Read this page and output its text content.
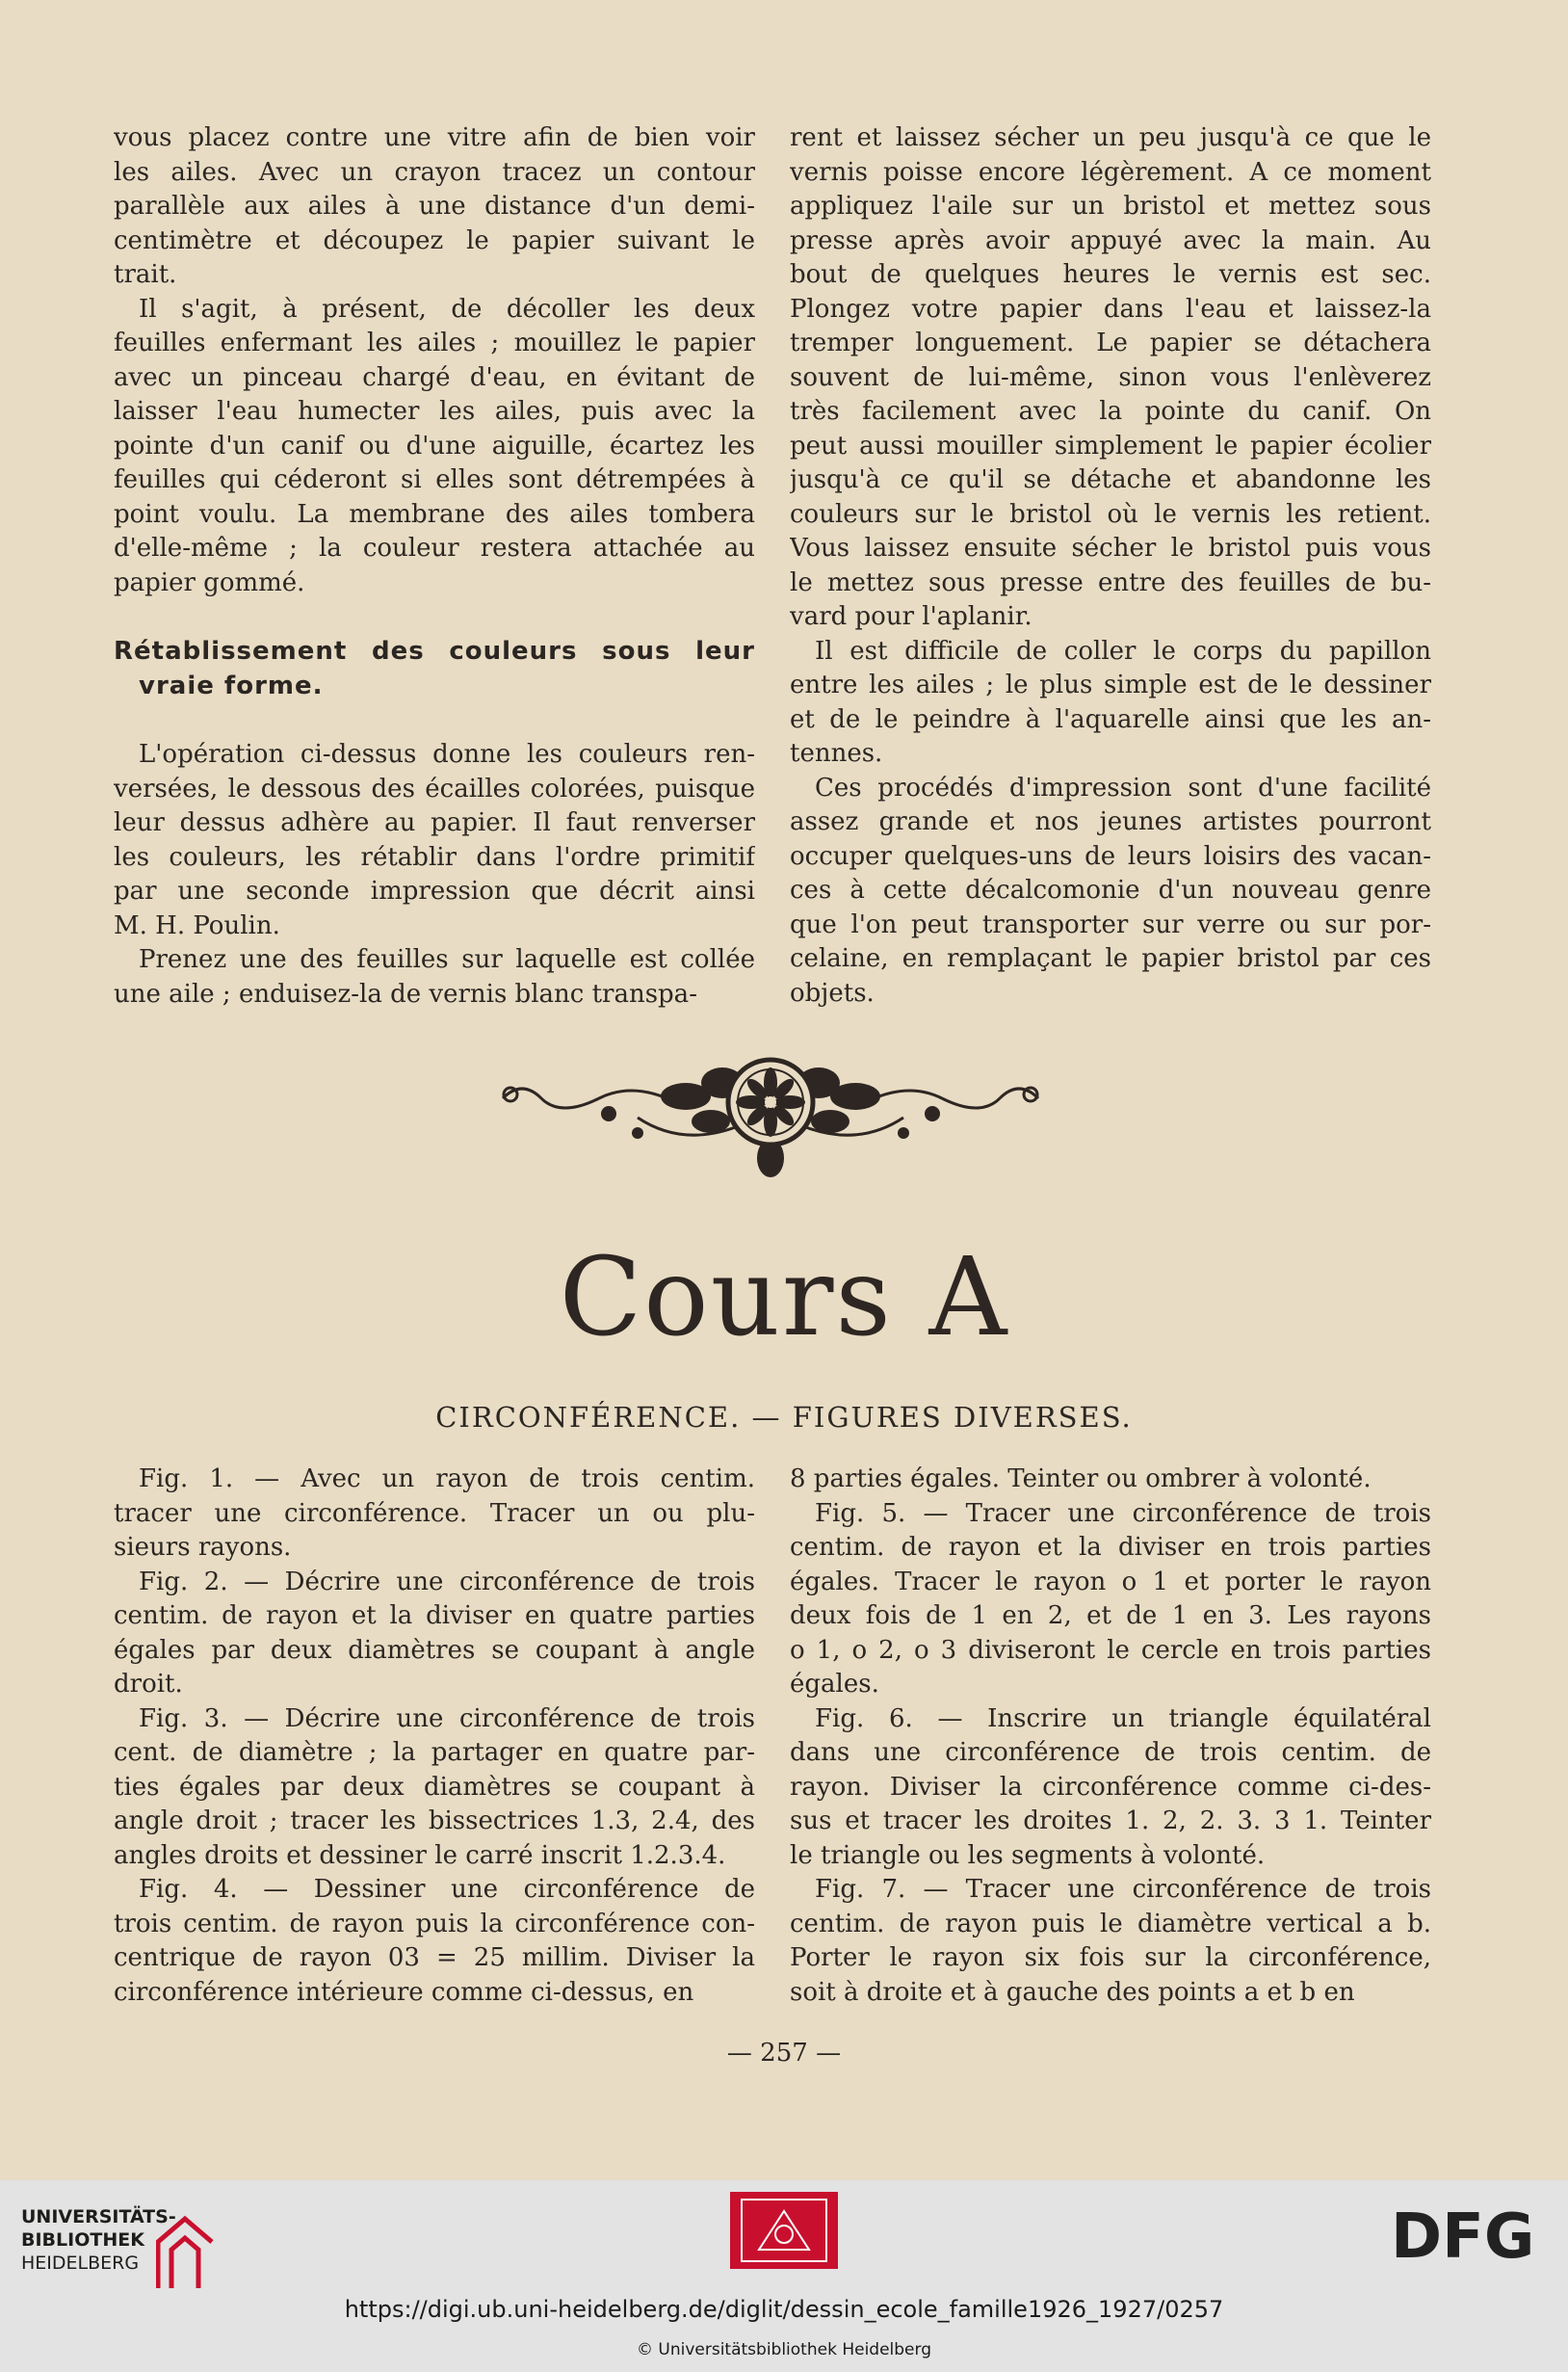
vous placez contre une vitre afin de bien voir
les ailes. Avec un crayon tracez un contour
parallèle aux ailes à une distance d'un demi-
centimètre et découpez le papier suivant le
trait.
Il s'agit, à présent, de décoller les deux
feuilles enfermant les ailes ; mouillez le papier
avec un pinceau chargé d'eau, en évitant de
laisser l'eau humecter les ailes, puis avec la
pointe d'un canif ou d'une aiguille, écartez les
feuilles qui céderont si elles sont détrempées à
point voulu. La membrane des ailes tombera
d'elle-même ; la couleur restera attachée au
papier gommé.
Rétablissement des couleurs sous leur
vraie forme.
L'opération ci-dessus donne les couleurs ren-
versées, le dessous des écailles colorées, puisque
leur dessus adhère au papier. Il faut renverser
les couleurs, les rétablir dans l'ordre primitif
par une seconde impression que décrit ainsi
M. H. Poulin.
Prenez une des feuilles sur laquelle est collée
une aile ; enduisez-la de vernis blanc transpa-
rent et laissez sécher un peu jusqu'à ce que le
vernis poisse encore légèrement. A ce moment
appliquez l'aile sur un bristol et mettez sous
presse après avoir appuyé avec la main. Au
bout de quelques heures le vernis est sec.
Plongez votre papier dans l'eau et laissez-la
tremper longuement. Le papier se détachera
souvent de lui-même, sinon vous l'enlèverez
très facilement avec la pointe du canif. On
peut aussi mouiller simplement le papier écolier
jusqu'à ce qu'il se détache et abandonne les
couleurs sur le bristol où le vernis les retient.
Vous laissez ensuite sécher le bristol puis vous
le mettez sous presse entre des feuilles de bu-
vard pour l'aplanir.
Il est difficile de coller le corps du papillon
entre les ailes ; le plus simple est de le dessiner
et de le peindre à l'aquarelle ainsi que les an-
tennes.
Ces procédés d'impression sont d'une facilité
assez grande et nos jeunes artistes pourront
occuper quelques-uns de leurs loisirs des vacan-
ces à cette décalcomonie d'un nouveau genre
que l'on peut transporter sur verre ou sur por-
celaine, en remplaçant le papier bristol par ces
objets.
Cours A
CIRCONFÉRENCE. — FIGURES DIVERSES.
Fig. 1. — Avec un rayon de trois centim.
tracer une circonférence. Tracer un ou plu-
sieurs rayons.
Fig. 2. — Décrire une circonférence de trois
centim. de rayon et la diviser en quatre parties
égales par deux diamètres se coupant à angle
droit.
Fig. 3. — Décrire une circonférence de trois
cent. de diamètre ; la partager en quatre par-
ties égales par deux diamètres se coupant à
angle droit ; tracer les bissectrices 1.3, 2.4, des
angles droits et dessiner le carré inscrit 1.2.3.4.
Fig. 4. — Dessiner une circonférence de
trois centim. de rayon puis la circonférence con-
centrique de rayon 03 = 25 millim. Diviser la
circonférence intérieure comme ci-dessus, en
8 parties égales. Teinter ou ombrer à volonté.
Fig. 5. — Tracer une circonférence de trois
centim. de rayon et la diviser en trois parties
égales. Tracer le rayon o 1 et porter le rayon
deux fois de 1 en 2, et de 1 en 3. Les rayons
o 1, o 2, o 3 diviseront le cercle en trois parties
égales.
Fig. 6. — Inscrire un triangle équilatéral
dans une circonférence de trois centim. de
rayon. Diviser la circonférence comme ci-des-
sus et tracer les droites 1. 2, 2. 3. 3 1. Teinter
le triangle ou les segments à volonté.
Fig. 7. — Tracer une circonférence de trois
centim. de rayon puis le diamètre vertical a b.
Porter le rayon six fois sur la circonférence,
soit à droite et à gauche des points a et b en
— 257 —
UNIVERSITÄTS-
BIBLIOTHEK
HEIDELBERG	DFG
https://digi.ub.uni-heidelberg.de/diglit/dessin_ecole_famille1926_1927/0257
© Universitätsbibliothek Heidelberg
